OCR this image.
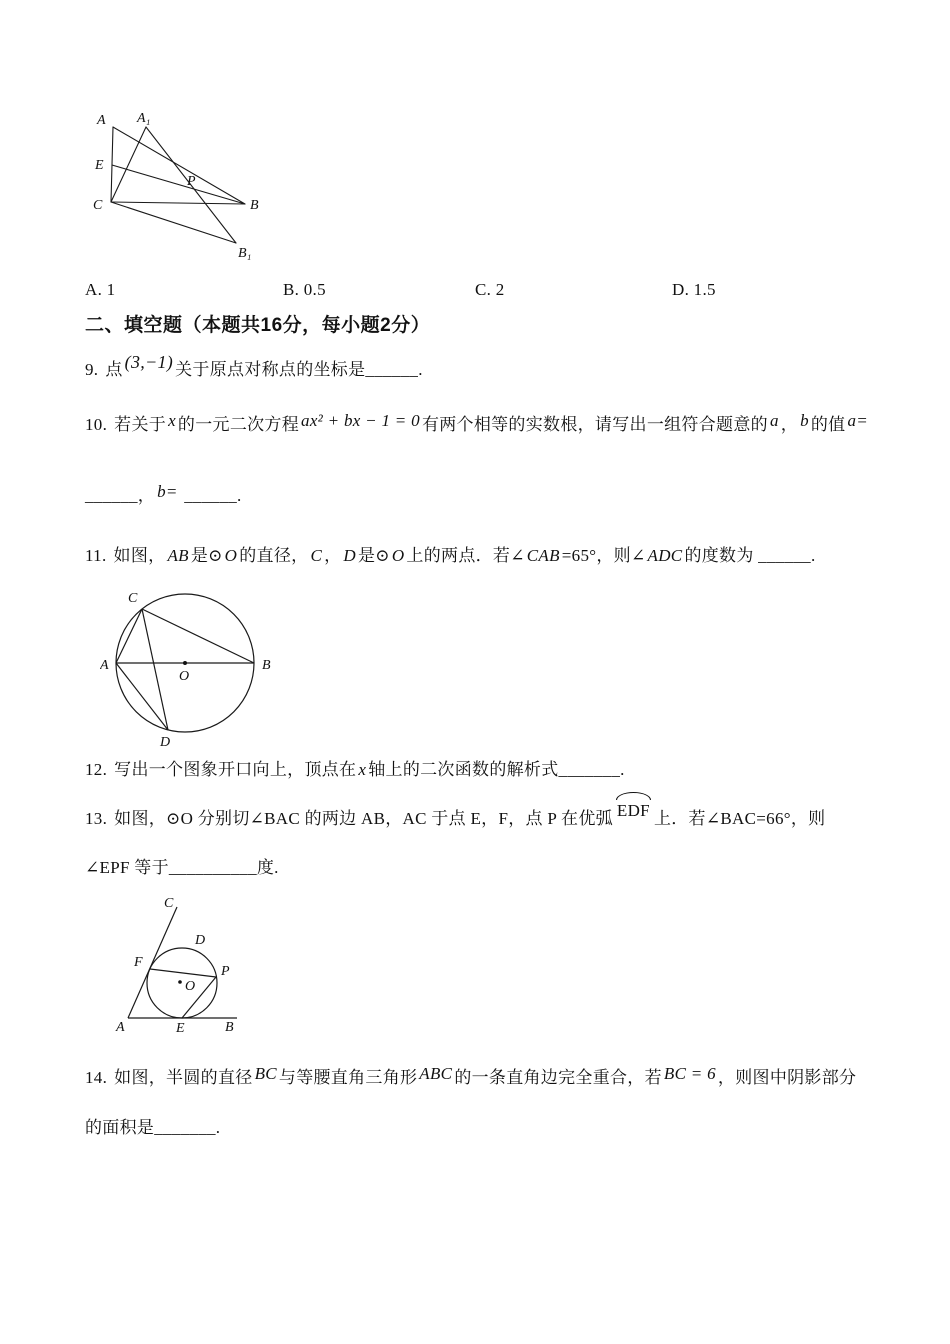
A A₁
E
P
C	B
B₁
A. 1	B. 0.5	C. 2	D. 1.5
二、填空题（本题共16分，每小题2分）
9. 点 (3,−1) 关于原点对称点的坐标是______.
10. 若关于 x 的一元二次方程 ax² + bx − 1 = 0 有两个相等的实数根，请写出一组符合题意的 a ， b 的值 a=
______， b= ______.
11. 如图， AB 是⊙ O 的直径， C ， D 是⊙ O 上的两点．若∠ CAB =65°，则∠ ADC 的度数为 ______.
C
A
O
B
D
12. 写出一个图象开口向上，顶点在 x 轴上的二次函数的解析式_______.
13. 如图，⊙O 分别切∠BAC 的两边 AB，AC 于点 E，F，点 P 在优弧 EDF 上．若∠BAC=66°，则
∠EPF 等于__________度.
C
D
F
O
P
A	E	B
14. 如图，半圆的直径 BC 与等腰直角三角形 ABC 的一条直角边完全重合，若 BC = 6 ，则图中阴影部分
的面积是_______.
